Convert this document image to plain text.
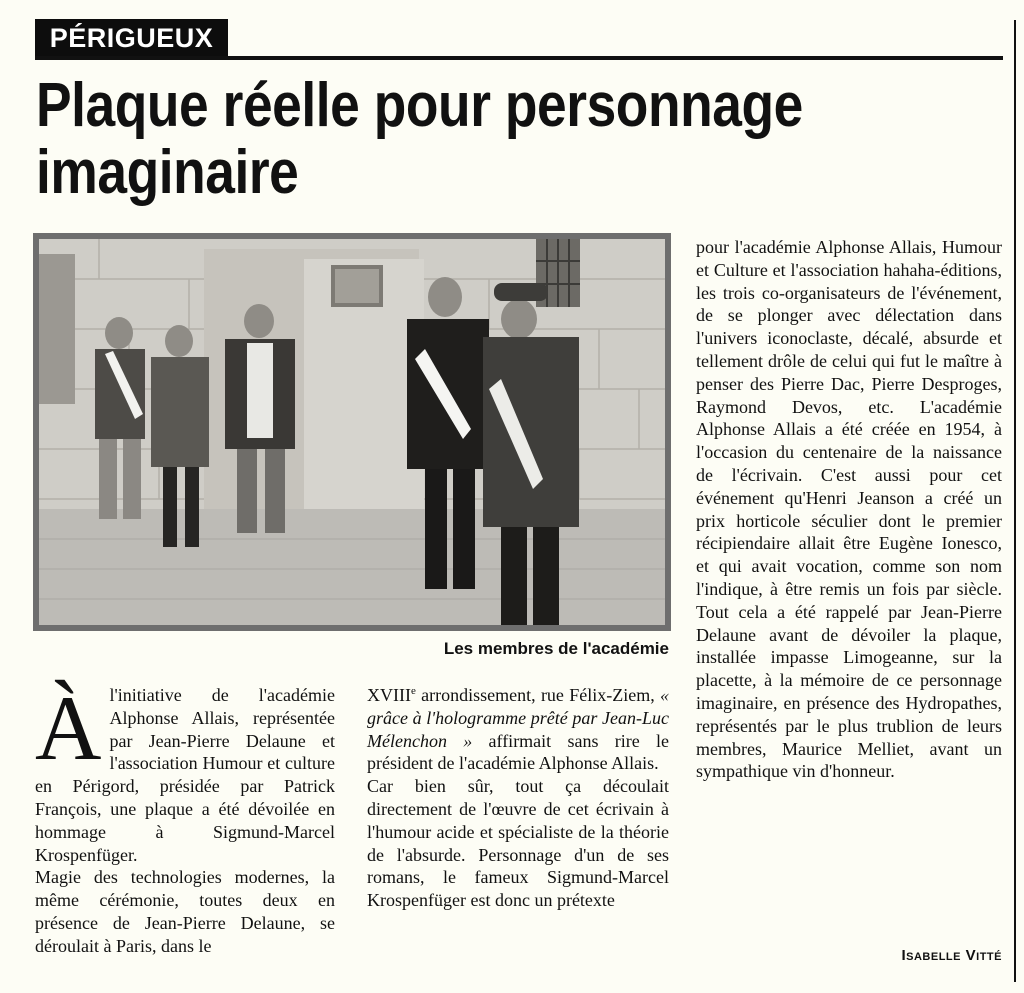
PÉRIGUEUX
Plaque réelle pour personnage
imaginaire
Les membres de l'académie

Àl'initiative de l'académie Alphonse Allais, représentée par Jean-Pierre Delaune et l'association Humour et culture en Périgord, présidée par Patrick François, une plaque a été dévoilée en hommage à Sigmund-Marcel Krospenfüger.

Magie des technologies modernes, la même cérémonie, toutes deux en présence de Jean-Pierre Delaune, se déroulait à Paris, dans le

XVIIIe arrondissement, rue Félix-Ziem, « grâce à l'hologramme prêté par Jean-Luc Mélenchon » affirmait sans rire le président de l'académie Alphonse Allais.

Car bien sûr, tout ça découlait directement de l'œuvre de cet écrivain à l'humour acide et spécialiste de la théorie de l'absurde. Personnage d'un de ses romans, le fameux Sigmund-Marcel Krospenfüger est donc un prétexte

pour l'académie Alphonse Allais, Humour et Culture et l'association hahaha-éditions, les trois co-organisateurs de l'événement, de se plonger avec délectation dans l'univers iconoclaste, décalé, absurde et tellement drôle de celui qui fut le maître à penser des Pierre Dac, Pierre Desproges, Raymond Devos, etc. L'académie Alphonse Allais a été créée en 1954, à l'occasion du centenaire de la naissance de l'écrivain. C'est aussi pour cet événement qu'Henri Jeanson a créé un prix horticole séculier dont le premier récipiendaire allait être Eugène Ionesco, et qui avait vocation, comme son nom l'indique, à être remis un fois par siècle. Tout cela a été rappelé par Jean-Pierre Delaune avant de dévoiler la plaque, installée impasse Limogeanne, sur la placette, à la mémoire de ce personnage imaginaire, en présence des Hydropathes, représentés par le plus trublion de leurs membres, Maurice Melliet, avant un sympathique vin d'honneur.

Isabelle Vitté
